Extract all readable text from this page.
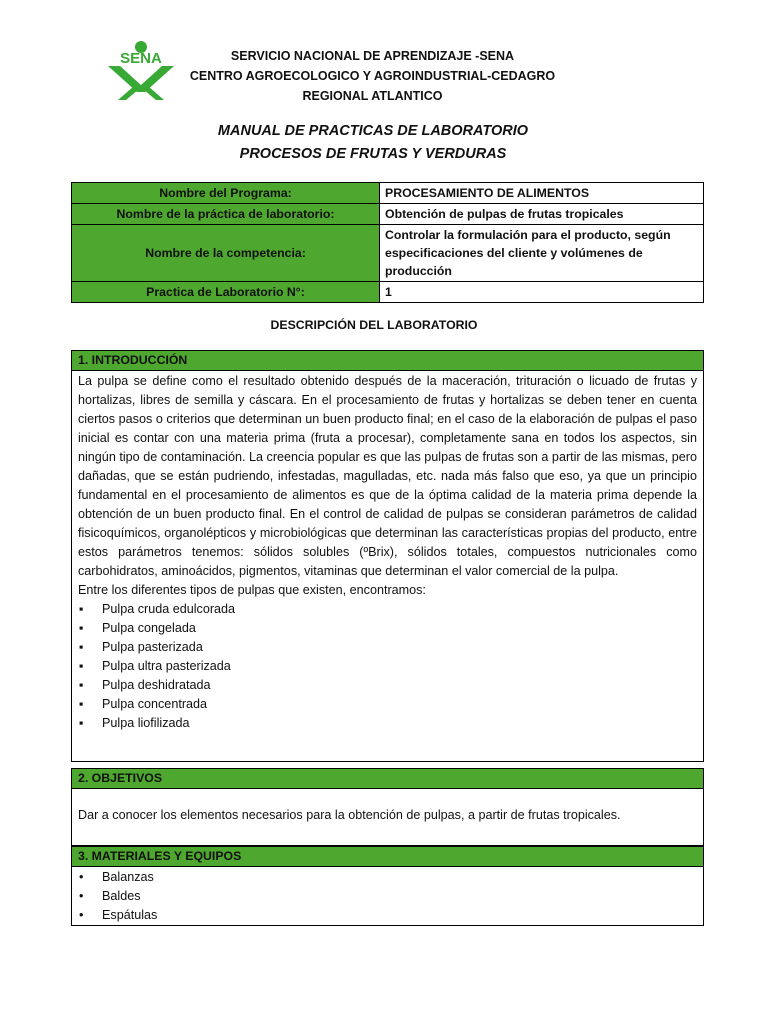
SENA	SERVICIO NACIONAL DE APRENDIZAJE -SENA
CENTRO AGROECOLOGICO Y AGROINDUSTRIAL-CEDAGRO
REGIONAL ATLANTICO
MANUAL DE PRACTICAS DE LABORATORIO
PROCESOS DE FRUTAS Y VERDURAS
Nombre del Programa:	PROCESAMIENTO DE ALIMENTOS
Nombre de la práctica de laboratorio:	Obtención de pulpas de frutas tropicales
Nombre de la competencia:	Controlar la formulación para el producto, según especificaciones del cliente y volúmenes de producción
Practica de Laboratorio N°:	1
DESCRIPCIÓN DEL LABORATORIO
1. INTRODUCCIÓN
La pulpa se define como el resultado obtenido después de la maceración, trituración o licuado de frutas y hortalizas, libres de semilla y cáscara. En el procesamiento de frutas y hortalizas se deben tener en cuenta ciertos pasos o criterios que determinan un buen producto final; en el caso de la elaboración de pulpas el paso inicial es contar con una materia prima (fruta a procesar), completamente sana en todos los aspectos, sin ningún tipo de contaminación. La creencia popular es que las pulpas de frutas son a partir de las mismas, pero dañadas, que se están pudriendo, infestadas, magulladas, etc. nada más falso que eso, ya que un principio fundamental en el procesamiento de alimentos es que de la óptima calidad de la materia prima depende la obtención de un buen producto final. En el control de calidad de pulpas se consideran parámetros de calidad fisicoquímicos, organolépticos y microbiológicas que determinan las características propias del producto, entre estos parámetros tenemos: sólidos solubles (ºBrix), sólidos totales, compuestos nutricionales como carbohidratos, aminoácidos, pigmentos, vitaminas que determinan el valor comercial de la pulpa.
Entre los diferentes tipos de pulpas que existen, encontramos:
▪ Pulpa cruda edulcorada
▪ Pulpa congelada
▪ Pulpa pasterizada
▪ Pulpa ultra pasterizada
▪ Pulpa deshidratada
▪ Pulpa concentrada
▪ Pulpa liofilizada
2. OBJETIVOS
Dar a conocer los elementos necesarios para la obtención de pulpas, a partir de frutas tropicales.
3. MATERIALES Y EQUIPOS
• Balanzas
• Baldes
• Espátulas
